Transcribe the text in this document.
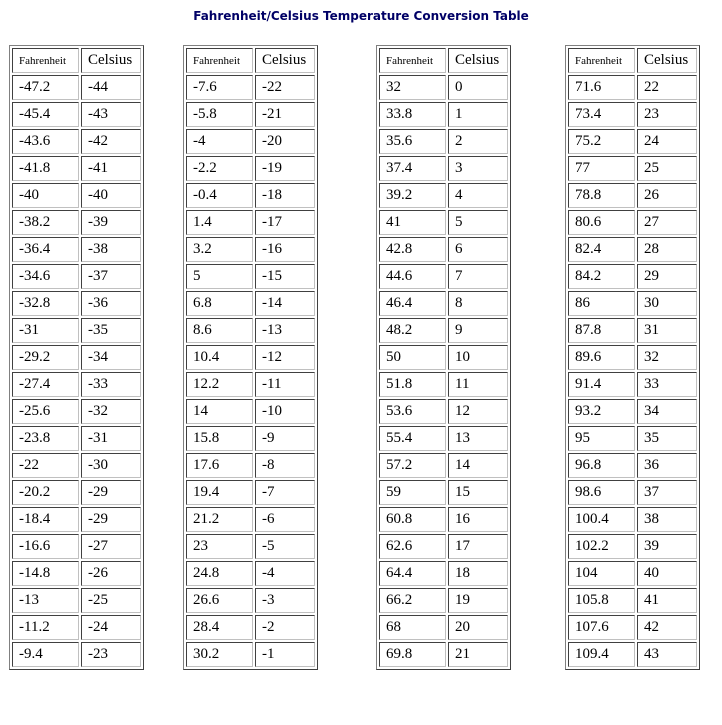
Fahrenheit/Celsius Temperature Conversion Table
Fahrenheit	Celsius
-47.2	-44
-45.4	-43
-43.6	-42
-41.8	-41
-40	-40
-38.2	-39
-36.4	-38
-34.6	-37
-32.8	-36
-31	-35
-29.2	-34
-27.4	-33
-25.6	-32
-23.8	-31
-22	-30
-20.2	-29
-18.4	-29
-16.6	-27
-14.8	-26
-13	-25
-11.2	-24
-9.4	-23
Fahrenheit	Celsius
-7.6	-22
-5.8	-21
-4	-20
-2.2	-19
-0.4	-18
1.4	-17
3.2	-16
5	-15
6.8	-14
8.6	-13
10.4	-12
12.2	-11
14	-10
15.8	-9
17.6	-8
19.4	-7
21.2	-6
23	-5
24.8	-4
26.6	-3
28.4	-2
30.2	-1
Fahrenheit	Celsius
32	0
33.8	1
35.6	2
37.4	3
39.2	4
41	5
42.8	6
44.6	7
46.4	8
48.2	9
50	10
51.8	11
53.6	12
55.4	13
57.2	14
59	15
60.8	16
62.6	17
64.4	18
66.2	19
68	20
69.8	21
Fahrenheit	Celsius
71.6	22
73.4	23
75.2	24
77	25
78.8	26
80.6	27
82.4	28
84.2	29
86	30
87.8	31
89.6	32
91.4	33
93.2	34
95	35
96.8	36
98.6	37
100.4	38
102.2	39
104	40
105.8	41
107.6	42
109.4	43
